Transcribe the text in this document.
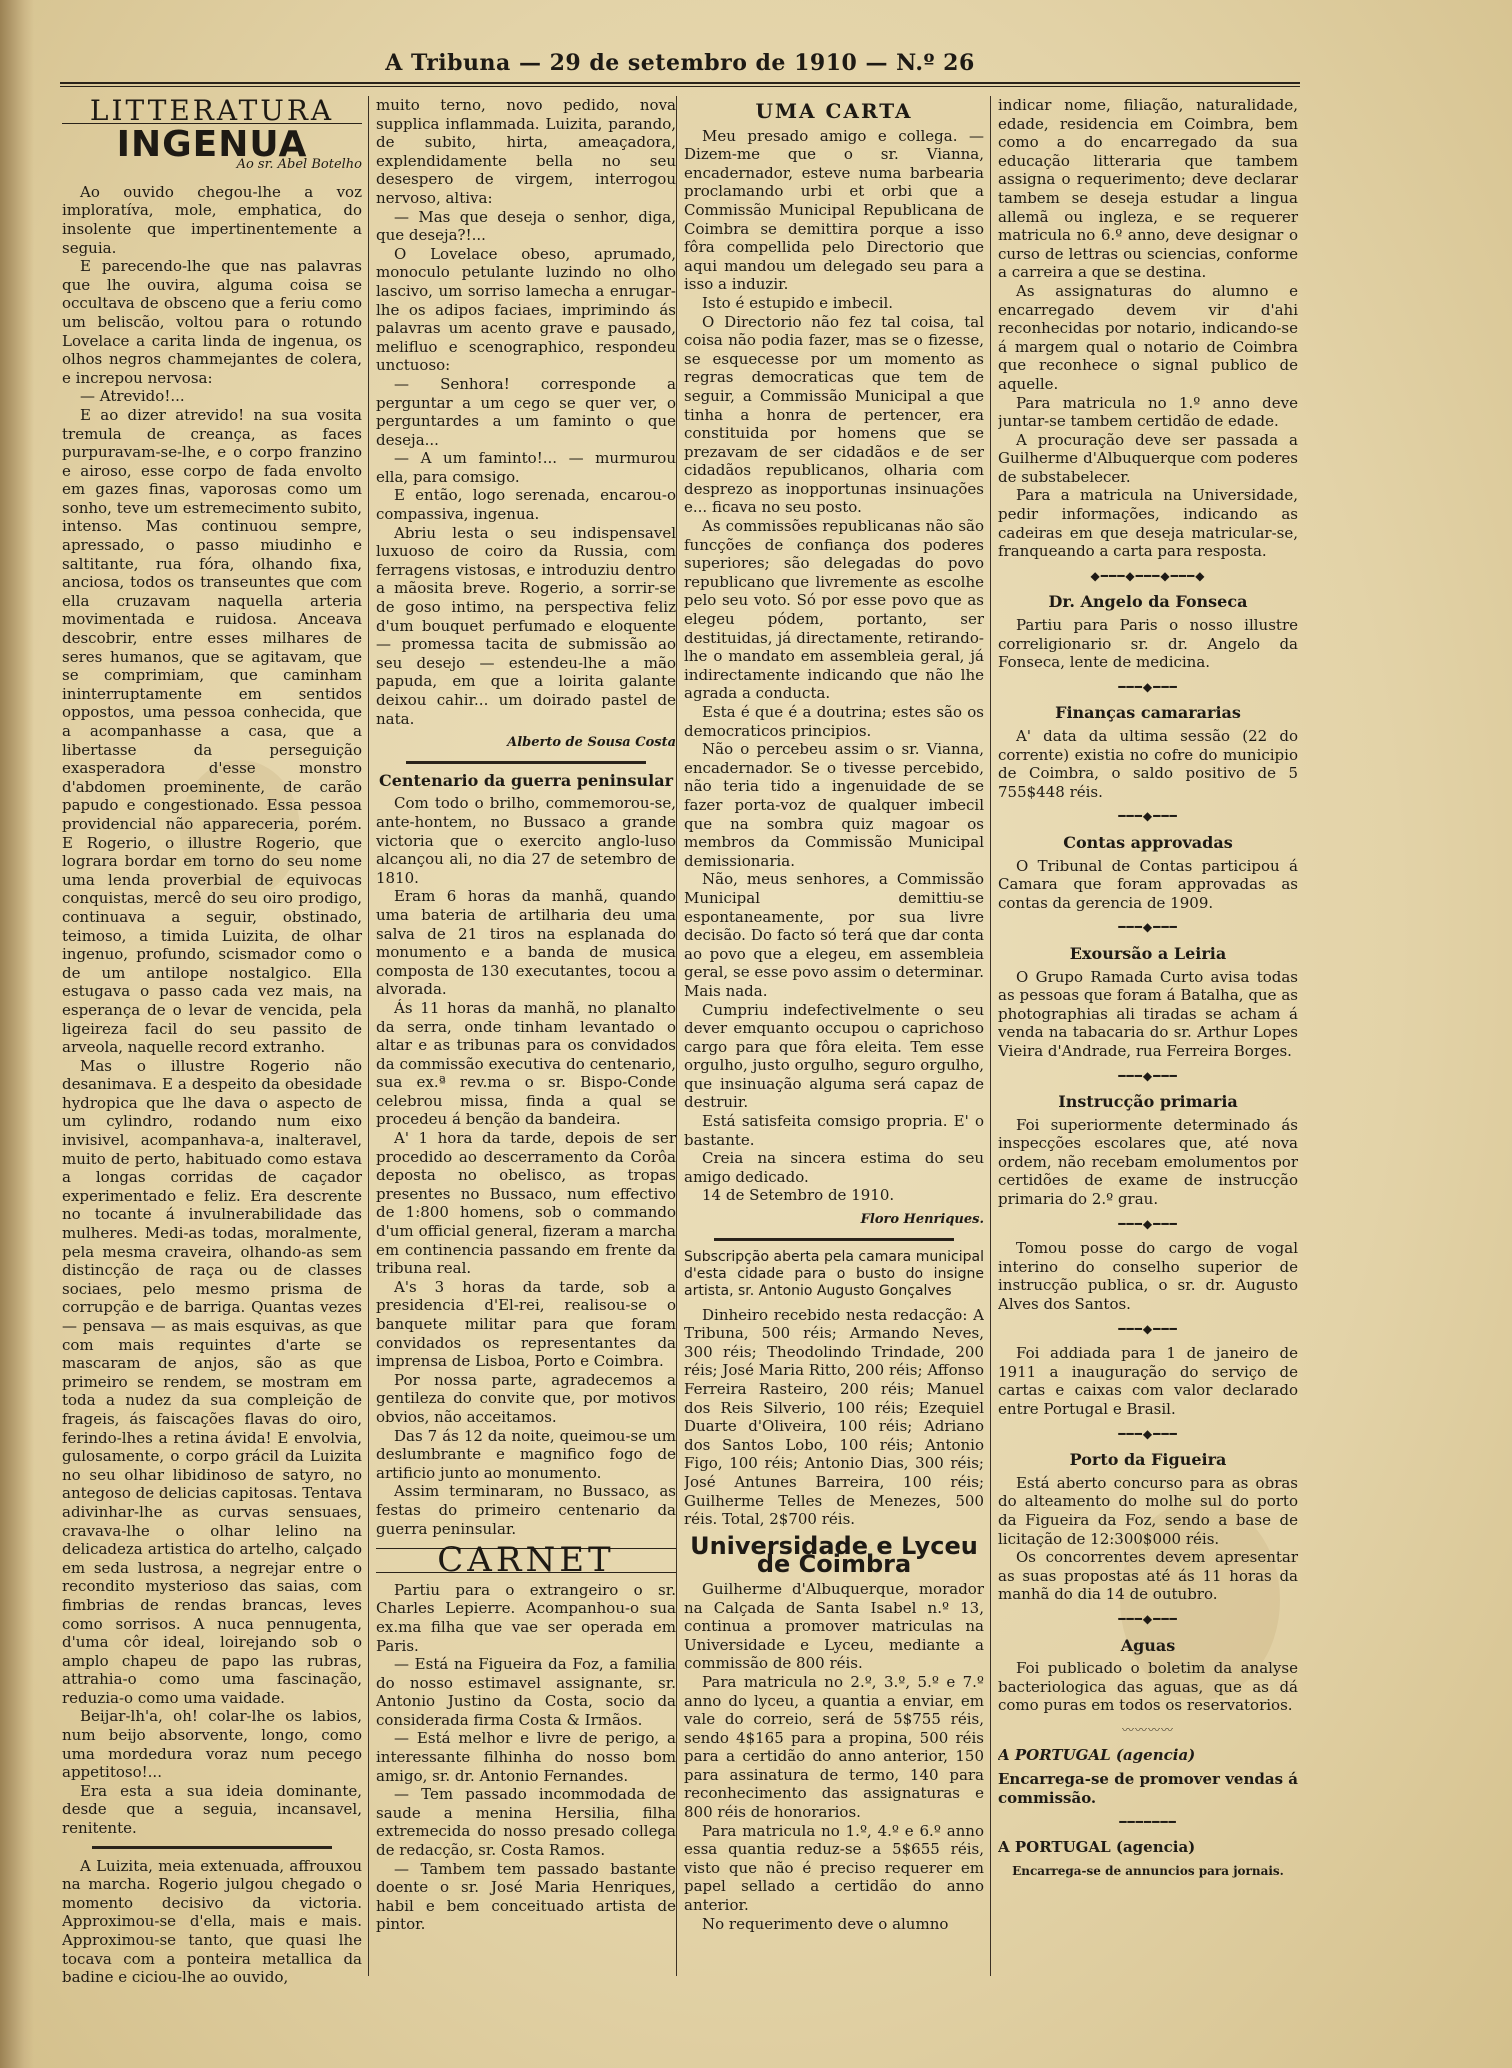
A Tribuna — 29 de setembro de 1910 — N.º 26
LITTERATURA
INGENUA
Ao sr. Abel Botelho

Ao ouvido chegou-lhe a voz imploratíva, mole, emphatica, do insolente que impertinentemente a seguia.

E parecendo-lhe que nas palavras que lhe ouvira, alguma coisa se occultava de obsceno que a feriu como um beliscão, voltou para o rotundo Lovelace a carita linda de ingenua, os olhos negros chammejantes de colera, e increpou nervosa:

— Atrevido!...

E ao dizer atrevido! na sua vosita tremula de creança, as faces purpuravam-se-lhe, e o corpo franzino e airoso, esse corpo de fada envolto em gazes finas, vaporosas como um sonho, teve um estremecimento subito, intenso. Mas continuou sempre, apressado, o passo miudinho e saltitante, rua fóra, olhando fixa, anciosa, todos os transeuntes que com ella cruzavam naquella arteria movimentada e ruidosa. Anceava descobrir, entre esses milhares de seres humanos, que se agitavam, que se comprimiam, que caminham ininterruptamente em sentidos oppostos, uma pessoa conhecida, que a acompanhasse a casa, que a libertasse da perseguição exasperadora d'esse monstro d'abdomen proeminente, de carão papudo e congestionado. Essa pessoa providencial não appareceria, porém. E Rogerio, o illustre Rogerio, que lograra bordar em torno do seu nome uma lenda proverbial de equivocas conquistas, mercê do seu oiro prodigo, continuava a seguir, obstinado, teimoso, a timida Luizita, de olhar ingenuo, profundo, scismador como o de um antilope nostalgico. Ella estugava o passo cada vez mais, na esperança de o levar de vencida, pela ligeireza facil do seu passito de arveola, naquelle record extranho.

Mas o illustre Rogerio não desanimava. E a despeito da obesidade hydropica que lhe dava o aspecto de um cylindro, rodando num eixo invisivel, acompanhava-a, inalteravel, muito de perto, habituado como estava a longas corridas de caçador experimentado e feliz. Era descrente no tocante á invulnerabilidade das mulheres. Medi-as todas, moralmente, pela mesma craveira, olhando-as sem distincção de raça ou de classes sociaes, pelo mesmo prisma de corrupção e de barriga. Quantas vezes — pensava — as mais esquivas, as que com mais requintes d'arte se mascaram de anjos, são as que primeiro se rendem, se mostram em toda a nudez da sua compleição de frageis, ás faiscações flavas do oiro, ferindo-lhes a retina ávida! E envolvia, gulosamente, o corpo grácil da Luizita no seu olhar libidinoso de satyro, no antegoso de delicias capitosas. Tentava adivinhar-lhe as curvas sensuaes, cravava-lhe o olhar lelino na delicadeza artistica do artelho, calçado em seda lustrosa, a negrejar entre o recondito mysterioso das saias, com fimbrias de rendas brancas, leves como sorrisos. A nuca pennugenta, d'uma côr ideal, loirejando sob o amplo chapeu de papo las rubras, attrahia-o como uma fascinação, reduzia-o como uma vaidade.

Beijar-lh'a, oh! colar-lhe os labios, num beijo absorvente, longo, como uma mordedura voraz num pecego appetitoso!...

Era esta a sua ideia dominante, desde que a seguia, incansavel, renitente.

A Luizita, meia extenuada, affrouxou na marcha. Rogerio julgou chegado o momento decisivo da victoria. Approximou-se d'ella, mais e mais. Approximou-se tanto, que quasi lhe tocava com a ponteira metallica da badine e ciciou-lhe ao ouvido,

muito terno, novo pedido, nova supplica inflammada. Luizita, parando, de subito, hirta, ameaçadora, explendidamente bella no seu desespero de virgem, interrogou nervoso, altiva:

— Mas que deseja o senhor, diga, que deseja?!...

O Lovelace obeso, aprumado, monoculo petulante luzindo no olho lascivo, um sorriso lamecha a enrugar-lhe os adipos faciaes, imprimindo ás palavras um acento grave e pausado, melifluo e scenographico, respondeu unctuoso:

— Senhora! corresponde a perguntar a um cego se quer ver, o perguntardes a um faminto o que deseja...

— A um faminto!... — murmurou ella, para comsigo.

E então, logo serenada, encarou-o compassiva, ingenua.

Abriu lesta o seu indispensavel luxuoso de coiro da Russia, com ferragens vistosas, e introduziu dentro a mãosita breve. Rogerio, a sorrir-se de goso intimo, na perspectiva feliz d'um bouquet perfumado e eloquente — promessa tacita de submissão ao seu desejo — estendeu-lhe a mão papuda, em que a loirita galante deixou cahir... um doirado pastel de nata.

Alberto de Sousa Costa
Centenario da guerra peninsular

Com todo o brilho, commemorou-se, ante-hontem, no Bussaco a grande victoria que o exercito anglo-luso alcançou ali, no dia 27 de setembro de 1810.

Eram 6 horas da manhã, quando uma bateria de artilharia deu uma salva de 21 tiros na esplanada do monumento e a banda de musica composta de 130 executantes, tocou a alvorada.

Ás 11 horas da manhã, no planalto da serra, onde tinham levantado o altar e as tribunas para os convidados da commissão executiva do centenario, sua ex.ª rev.ma o sr. Bispo-Conde celebrou missa, finda a qual se procedeu á benção da bandeira.

A' 1 hora da tarde, depois de ser procedido ao descerramento da Corôa deposta no obelisco, as tropas presentes no Bussaco, num effectivo de 1:800 homens, sob o commando d'um official general, fizeram a marcha em continencia passando em frente da tribuna real.

A's 3 horas da tarde, sob a presidencia d'El-rei, realisou-se o banquete militar para que foram convidados os representantes da imprensa de Lisboa, Porto e Coimbra.

Por nossa parte, agradecemos a gentileza do convite que, por motivos obvios, não acceitamos.

Das 7 ás 12 da noite, queimou-se um deslumbrante e magnifico fogo de artificio junto ao monumento.

Assim terminaram, no Bussaco, as festas do primeiro centenario da guerra peninsular.

CARNET

Partiu para o extrangeiro o sr. Charles Lepierre. Acompanhou-o sua ex.ma filha que vae ser operada em Paris.

— Está na Figueira da Foz, a familia do nosso estimavel assignante, sr. Antonio Justino da Costa, socio da considerada firma Costa & Irmãos.

— Está melhor e livre de perigo, a interessante filhinha do nosso bom amigo, sr. dr. Antonio Fernandes.

— Tem passado incommodada de saude a menina Hersilia, filha extremecida do nosso presado collega de redacção, sr. Costa Ramos.

— Tambem tem passado bastante doente o sr. José Maria Henriques, habil e bem conceituado artista de pintor.

UMA CARTA

Meu presado amigo e collega. — Dizem-me que o sr. Vianna, encadernador, esteve numa barbearia proclamando urbi et orbi que a Commissão Municipal Republicana de Coimbra se demittira porque a isso fôra compellida pelo Directorio que aqui mandou um delegado seu para a isso a induzir.

Isto é estupido e imbecil.

O Directorio não fez tal coisa, tal coisa não podia fazer, mas se o fizesse, se esquecesse por um momento as regras democraticas que tem de seguir, a Commissão Municipal a que tinha a honra de pertencer, era constituida por homens que se prezavam de ser cidadãos e de ser cidadãos republicanos, olharia com desprezo as inopportunas insinuações e... ficava no seu posto.

As commissões republicanas não são funcções de confiança dos poderes superiores; são delegadas do povo republicano que livremente as escolhe pelo seu voto. Só por esse povo que as elegeu pódem, portanto, ser destituidas, já directamente, retirando-lhe o mandato em assembleia geral, já indirectamente indicando que não lhe agrada a conducta.

Esta é que é a doutrina; estes são os democraticos principios.

Não o percebeu assim o sr. Vianna, encadernador. Se o tivesse percebido, não teria tido a ingenuidade de se fazer porta-voz de qualquer imbecil que na sombra quiz magoar os membros da Commissão Municipal demissionaria.

Não, meus senhores, a Commissão Municipal demittiu-se espontaneamente, por sua livre decisão. Do facto só terá que dar conta ao povo que a elegeu, em assembleia geral, se esse povo assim o determinar. Mais nada.

Cumpriu indefectivelmente o seu dever emquanto occupou o caprichoso cargo para que fôra eleita. Tem esse orgulho, justo orgulho, seguro orgulho, que insinuação alguma será capaz de destruir.

Está satisfeita comsigo propria. E' o bastante.

Creia na sincera estima do seu amigo dedicado.

14 de Setembro de 1910.

Floro Henriques.
Subscripção aberta pela camara municipal d'esta cidade para o busto do insigne artista, sr. Antonio Augusto Gonçalves

Dinheiro recebido nesta redacção: A Tribuna, 500 réis; Armando Neves, 300 réis; Theodolindo Trindade, 200 réis; José Maria Ritto, 200 réis; Affonso Ferreira Rasteiro, 200 réis; Manuel dos Reis Silverio, 100 réis; Ezequiel Duarte d'Oliveira, 100 réis; Adriano dos Santos Lobo, 100 réis; Antonio Figo, 100 réis; Antonio Dias, 300 réis; José Antunes Barreira, 100 réis; Guilherme Telles de Menezes, 500 réis. Total, 2$700 réis.

Universidade e Lyceu de Coimbra

Guilherme d'Albuquerque, morador na Calçada de Santa Isabel n.º 13, continua a promover matriculas na Universidade e Lyceu, mediante a commissão de 800 réis.

Para matricula no 2.º, 3.º, 5.º e 7.º anno do lyceu, a quantia a enviar, em vale do correio, será de 5$755 réis, sendo 4$165 para a propina, 500 réis para a certidão do anno anterior, 150 para assinatura de termo, 140 para reconhecimento das assignaturas e 800 réis de honorarios.

Para matricula no 1.º, 4.º e 6.º anno essa quantia reduz-se a 5$655 réis, visto que não é preciso requerer em papel sellado a certidão do anno anterior.

No requerimento deve o alumno

indicar nome, filiação, naturalidade, edade, residencia em Coimbra, bem como a do encarregado da sua educação litteraria que tambem assigna o requerimento; deve declarar tambem se deseja estudar a lingua allemã ou ingleza, e se requerer matricula no 6.º anno, deve designar o curso de lettras ou sciencias, conforme a carreira a que se destina.

As assignaturas do alumno e encarregado devem vir d'ahi reconhecidas por notario, indicando-se á margem qual o notario de Coimbra que reconhece o signal publico de aquelle.

Para matricula no 1.º anno deve juntar-se tambem certidão de edade.

A procuração deve ser passada a Guilherme d'Albuquerque com poderes de substabelecer.

Para a matricula na Universidade, pedir informações, indicando as cadeiras em que deseja matricular-se, franqueando a carta para resposta.

◆━━━◆━━━◆━━━◆
Dr. Angelo da Fonseca

Partiu para Paris o nosso illustre correligionario sr. dr. Angelo da Fonseca, lente de medicina.

━━━◆━━━
Finanças camararias

A' data da ultima sessão (22 do corrente) existia no cofre do municipio de Coimbra, o saldo positivo de 5 755$448 réis.

━━━◆━━━
Contas approvadas

O Tribunal de Contas participou á Camara que foram approvadas as contas da gerencia de 1909.

━━━◆━━━
Exoursão a Leiria

O Grupo Ramada Curto avisa todas as pessoas que foram á Batalha, que as photographias ali tiradas se acham á venda na tabacaria do sr. Arthur Lopes Vieira d'Andrade, rua Ferreira Borges.

━━━◆━━━
Instrucção primaria

Foi superiormente determinado ás inspecções escolares que, até nova ordem, não recebam emolumentos por certidões de exame de instrucção primaria do 2.º grau.

━━━◆━━━

Tomou posse do cargo de vogal interino do conselho superior de instrucção publica, o sr. dr. Augusto Alves dos Santos.

━━━◆━━━

Foi addiada para 1 de janeiro de 1911 a inauguração do serviço de cartas e caixas com valor declarado entre Portugal e Brasil.

━━━◆━━━
Porto da Figueira

Está aberto concurso para as obras do alteamento do molhe sul do porto da Figueira da Foz, sendo a base de licitação de 12:300$000 réis.

Os concorrentes devem apresentar as suas propostas até ás 11 horas da manhã do dia 14 de outubro.

━━━◆━━━
Aguas

Foi publicado o boletim da analyse bacteriologica das aguas, que as dá como puras em todos os reservatorios.

〰〰〰〰
A PORTUGAL (agencia)
Encarrega-se de promover vendas á commissão.
━━━━━━━
A PORTUGAL (agencia)
Encarrega-se de annuncios para jornais.
